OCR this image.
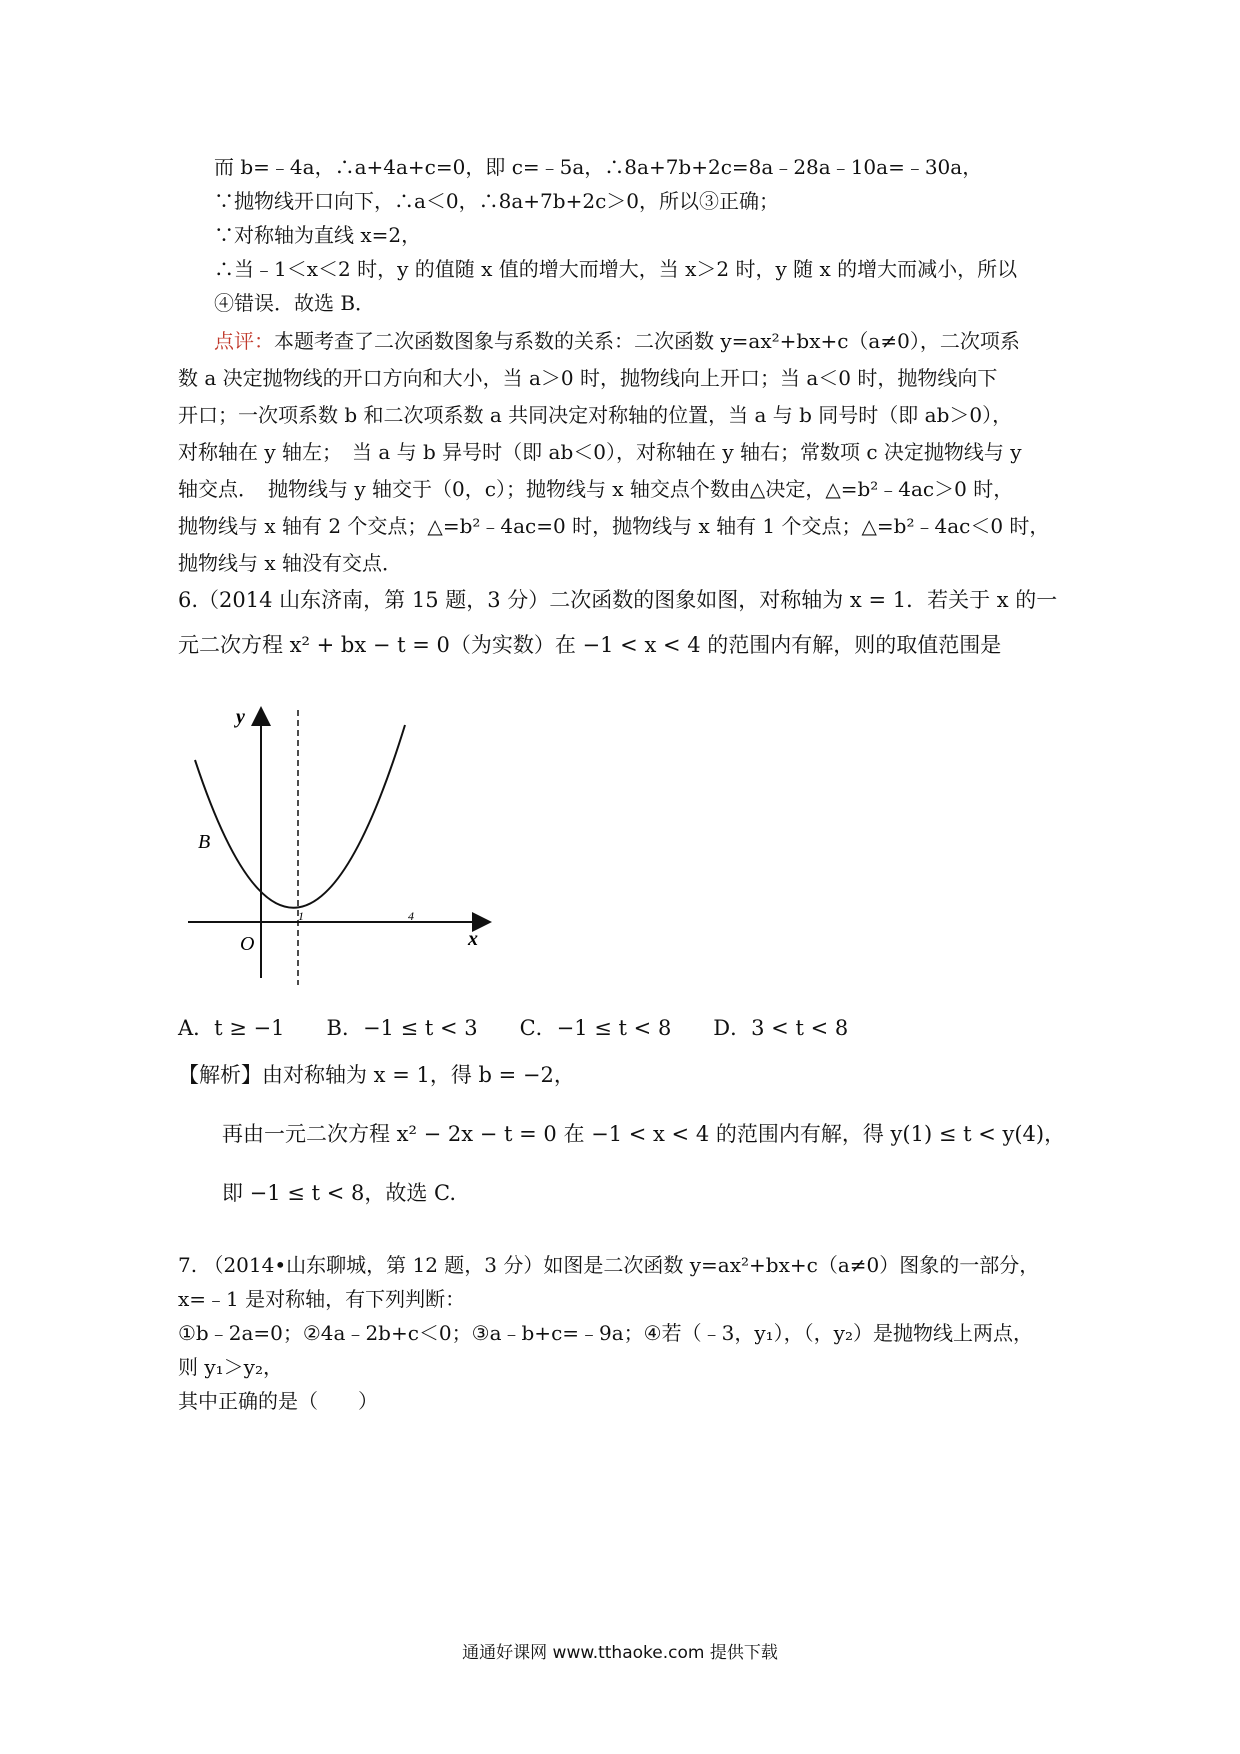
而 b=﹣4a，∴a+4a+c=0，即 c=﹣5a，∴8a+7b+2c=8a﹣28a﹣10a=﹣30a，
∵抛物线开口向下，∴a＜0，∴8a+7b+2c＞0，所以③正确；
∵对称轴为直线 x=2，
∴当﹣1＜x＜2 时，y 的值随 x 值的增大而增大，当 x＞2 时，y 随 x 的增大而减小，所以
④错误．故选 B．
点评：本题考查了二次函数图象与系数的关系：二次函数 y=ax²+bx+c（a≠0），二次项系
数 a 决定抛物线的开口方向和大小，当 a＞0 时，抛物线向上开口；当 a＜0 时，抛物线向下
开口；一次项系数 b 和二次项系数 a 共同决定对称轴的位置，当 a 与 b 同号时（即 ab＞0），
对称轴在 y 轴左；　当 a 与 b 异号时（即 ab＜0），对称轴在 y 轴右；常数项 c 决定抛物线与 y
轴交点．　抛物线与 y 轴交于（0，c）；抛物线与 x 轴交点个数由△决定，△=b²﹣4ac＞0 时，
抛物线与 x 轴有 2 个交点；△=b²﹣4ac=0 时，抛物线与 x 轴有 1 个交点；△=b²﹣4ac＜0 时，
抛物线与 x 轴没有交点．
6.（2014 山东济南，第 15 题，3 分）二次函数的图象如图，对称轴为 x = 1．若关于 x 的一
元二次方程 x² + bx − t = 0（为实数）在 −1 < x < 4 的范围内有解，则的取值范围是
y
x
O
B
1	4
A．t ≥ −1　　B．−1 ≤ t < 3　　C．−1 ≤ t < 8　　D．3 < t < 8
【解析】由对称轴为 x = 1，得 b = −2，
再由一元二次方程 x² − 2x − t = 0 在 −1 < x < 4 的范围内有解，得 y(1) ≤ t < y(4)，
即 −1 ≤ t < 8，故选 C.
7. （2014•山东聊城，第 12 题，3 分）如图是二次函数 y=ax²+bx+c（a≠0）图象的一部分，
x=﹣1 是对称轴，有下列判断：
①b﹣2a=0；②4a﹣2b+c＜0；③a﹣b+c=﹣9a；④若（﹣3，y₁），（，y₂）是抛物线上两点，
则 y₁＞y₂，
其中正确的是（　　）
通通好课网 www.tthaoke.com 提供下载
